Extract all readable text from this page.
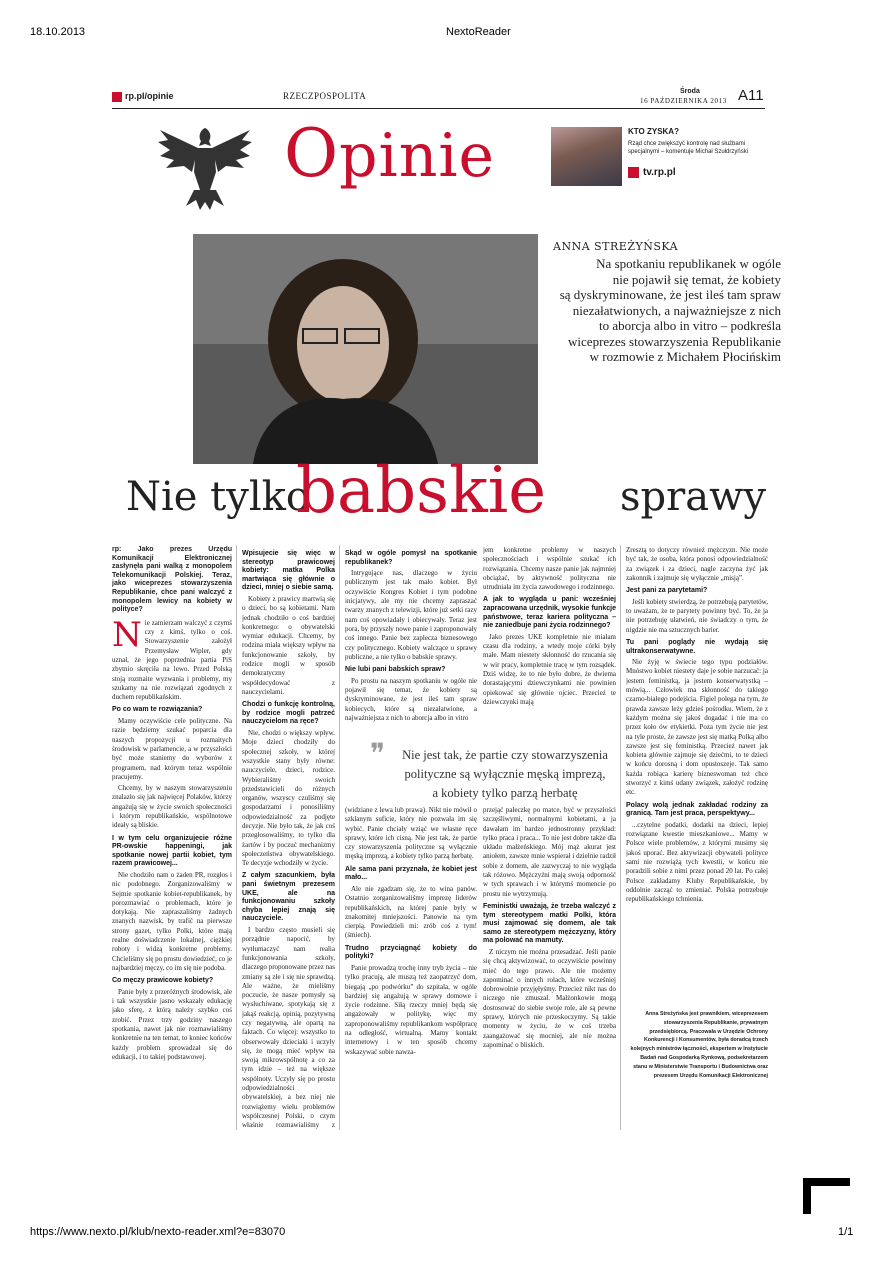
18.10.2013	NextoReader
https://www.nexto.pl/klub/nexto-reader.xml?e=83070	1/1
rp.pl/opinie	RZECZPOSPOLITA	Środa
16 PAŹDZIERNIKA 2013 A11
Opinie	KTO ZYSKA?
Rząd chce zwiększyć kontrolę nad służbami specjalnymi – komentuje Michał Szułdrzyński
tv.rp.pl
ANNA STREŻYŃSKA
Na spotkaniu republikanek w ogóle
nie pojawił się temat, że kobiety
są dyskryminowane, że jest ileś tam spraw
niezałatwionych, a najważniejsze z nich
to aborcja albo in vitro – podkreśla
wiceprezes stowarzyszenia Republikanie
w rozmowie z Michałem Płocińskim
Nie tylko
babskie sprawy

rp: Jako prezes Urzędu Komunikacji Elektronicznej zasłynęła pani walką z monopolem Telekomunikacji Polskiej. Teraz, jako wiceprezes stowarzyszenia Republikanie, chce pani walczyć z monopolem lewicy na kobiety w polityce?

Nie zamierzam walczyć z czymś czy z kimś, tylko o coś. Stowarzyszenie założył Przemysław Wipler, gdy uznał, że jego poprzednia partia PiS zbytnio skręciła na lewo. Przed Polską stoją rozmaite wyzwania i problemy, my szukamy na nie rozwiązań zgodnych z duchem republikańskim.

Po co wam te rozwiązania?

Mamy oczywiście cele polityczne. Na razie będziemy szukać poparcia dla naszych propozycji u rozmaitych środowisk w parlamencie, a w przyszłości być może staniemy do wyborów z programem, nad którym teraz wspólnie pracujemy.

Chcemy, by w naszym stowarzyszeniu znalazło się jak najwięcej Polaków, którzy angażują się w życie swoich społeczności i którym republikańskie, wspólnotowe ideały są bliskie.

I w tym celu organizujecie różne PR-owskie happeningi, jak spotkanie nowej partii kobiet, tym razem prawicowej...

Nie chodziło nam o żaden PR, rozgłos i nic podobnego. Zorganizowaliśmy w Sejmie spotkanie kobiet-republikanek, by porozmawiać o problemach, które je dotykają. Nie zapraszaliśmy żadnych znanych nazwisk, by trafić na pierwsze strony gazet, tylko Polki, które mają realne doświadczenie lokalnej, ciężkiej roboty i widzą konkretne problemy. Chcieliśmy się po prostu dowiedzieć, co je najbardziej męczy, co im się nie podoba.

Co męczy prawicowe kobiety?

Panie były z przeróżnych środowisk, ale i tak wszystkie jasno wskazały edukację jako sferę, z którą należy szybko coś zrobić. Przez trzy godziny naszego spotkania, nawet jak nie rozmawialiśmy konkretnie na ten temat, to koniec końców każdy problem sprowadzał się do edukacji, i to takiej podstawowej.

Wpisujecie się więc w stereotyp prawicowej kobiety: matka Polka martwiąca się głównie o dzieci, mniej o siebie samą.

Kobiety z prawicy martwią się o dzieci, bo są kobietami. Nam jednak chodziło o coś bardziej konkretnego: o obywatelski wymiar edukacji. Chcemy, by rodzina miała większy wpływ na funkcjonowanie szkoły, by rodzice mogli w sposób demokratyczny współdecydować z nauczycielami.

Chodzi o funkcję kontrolną, by rodzice mogli patrzeć nauczycielom na ręce?

Nie, chodzi o większy wpływ. Moje dzieci chodziły do społecznej szkoły, w której wszystkie stany były równe: nauczyciele, dzieci, rodzice. Wybieraliśmy swoich przedstawicieli do różnych organów, wszyscy czuliśmy się gospodarzami i ponosiliśmy odpowiedzialność za podjęte decyzje. Nie było tak, że jak coś przegłosowaliśmy, to tylko dla żartów i by poczuć mechanizmy społeczeństwa obywatelskiego. Te decyzje wchodziły w życie.

Z całym szacunkiem, była pani świetnym prezesem UKE, ale na funkcjonowaniu szkoły chyba lepiej znają się nauczyciele.

I bardzo często musieli się porządnie napocić, by wytłumaczyć nam realia funkcjonowania szkoły, dlaczego proponowane przez nas zmiany są złe i się nie sprawdzą. Ale ważne, że mieliśmy poczucie, że nasze pomysły są wysłuchiwane, spotykają się z jakąś reakcją, opinią, pozytywną czy negatywną, ale opartą na faktach. Co więcej: wszystko to obserwowały dzieciaki i uczyły się, że mogą mieć wpływ na swoją mikrowspólnotę a co za tym idzie – też na większe wspólnoty. Uczyły się po prostu odpowiedzialności obywatelskiej, a bez niej nie rozwiążemy wielu problemów współczesnej Polski, o czym właśnie rozmawialiśmy z

Skąd w ogóle pomysł na spotkanie republikanek?

Intrygujące nas, dlaczego w życiu publicznym jest tak mało kobiet. Był oczywiście Kongres Kobiet i tym podobne inicjatywy, ale my nie chcemy zapraszać twarzy znanych z telewizji, które już setki razy nam coś opowiadały i obiecywały. Teraz jest pora, by przyszły nowe panie i zaproponowały coś innego. Panie bez zaplecza biznesowego czy politycznego. Kobiety walczące o sprawy publiczne, a nie tylko o babskie sprawy.

Nie lubi pani babskich spraw?

Po prostu na naszym spotkaniu w ogóle nie pojawił się temat, że kobiety są dyskryminowane, że jest ileś tam spraw kobiecych, które są niezałatwione, a najważniejsza z nich to aborcja albo in vitro

jem konkretne problemy w naszych społecznościach i wspólnie szukać ich rozwiązania. Chcemy nasze panie jak najmniej obciążać, by aktywność polityczna nie utrudniała im życia zawodowego i rodzinnego.

A jak to wygląda u pani: wcześniej zapracowana urzędnik, wysokie funkcje państwowe, teraz kariera polityczna – nie zaniedbuje pani życia rodzinnego?

Jako prezes UKE kompletnie nie miałam czasu dla rodziny, a wtedy moje córki były małe. Mam niestety skłonność do rzucania się w wir pracy, kompletnie tracę w tym rozsądek. Dziś widzę, że to nie było dobre, że dwiema dorastającymi dziewczynkami nie powinien opiekować się głównie ojciec. Przecież te dziewczynki mają

❞	Nie jest tak, że partie czy stowarzyszenia
polityczne są wyłącznie męską imprezą,
a kobiety tylko parzą herbatę

(widziane z lewa lub prawa). Nikt nie mówił o szklanym suficie, który nie pozwala im się wybić. Panie chciały wziąć we własne ręce sprawy, które ich cisną. Nie jest tak, że partie czy stowarzyszenia polityczne są wyłącznie męską imprezą, a kobiety tylko parzą herbatę.

Ale sama pani przyznała, że kobiet jest mało...

Ale nie zgadzam się, że to wina panów. Ostatnio zorganizowaliśmy imprezę liderów republikańskich, na której panie były w znakomitej mniejszości. Panowie na tym cierpią. Powiedzieli mi: zrób coś z tym! (śmiech).

Trudno przyciągnąć kobiety do polityki?

Panie prowadzą trochę inny tryb życia – nie tylko pracują, ale muszą też zaopatrzyć dom, biegają „po podwórku” do szpitala, w ogóle bardziej się angażują w sprawy domowe i życie rodzinne. Siłą rzeczy mniej będą się angażowały w politykę, więc my zaproponowaliśmy republikankom współpracę na odległość, wirtualną. Mamy kontakt internetowy i w ten sposób chcemy wskazywać sobie nawza-

przejąć pałeczkę po matce, być w przyszłości szczęśliwymi, normalnymi kobietami, a ja dawałam im bardzo jednostronny przykład: tylko praca i praca... To nie jest dobre także dla układu małżeńskiego. Mój mąż akurat jest aniołem, zawsze mnie wspierał i dzielnie radził sobie z domem, ale zazwyczaj to nie wygląda tak różowo. Mężczyźni mają swoją odporność w tych sprawach i w którymś momencie po prostu nie wytrzymują.

Feministki uważają, że trzeba walczyć z tym stereotypem matki Polki, która musi zajmować się domem, ale tak samo ze stereotypem mężczyzny, który ma polować na mamuty.

Z niczym nie można przesadzać. Jeśli panie się chcą aktywizować, to oczywiście powinny mieć do tego prawo. Ale nie możemy zapominać o innych rolach, które wcześniej dobrowolnie przyjęłyśmy. Przecież nikt nas do niczego nie zmuszał. Małżonkowie mogą dostosować do siebie swoje role, ale są pewne sprawy, których nie przeskoczymy. Są takie momenty w życiu, że w coś trzeba zaangażować się mocniej, ale nie można zapominać o bliskich.

Zresztą to dotyczy również mężczyzn. Nie może być tak, że osoba, która ponosi odpowiedzialność za związek i za dzieci, nagle zaczyna żyć jak zakonnik i zajmuje się wyłącznie „misją”.

Jest pani za parytetami?

Jeśli kobiety stwierdzą, że potrzebują parytetów, to uważam, że te parytety powinny być. To, że ja nie potrzebuję ułatwień, nie świadczy o tym, że nigdzie nie ma sztucznych barier.

Tu pani poglądy nie wydają się ultrakonserwatywne.

Nie żyję w świecie tego typu podziałów. Mnóstwo kobiet niestety daje je sobie narzucać: ja jestem feministką, ja jestem konserwatystką – mówią... Człowiek ma skłonność do takiego czarno-białego podejścia. Figiel polega na tym, że prawda zawsze leży gdzieś pośrodku. Wiem, że z każdym można się jakoś dogadać i nie ma co przez koło ów etykietki. Poza tym życie nie jest na tyle proste, że zawsze jest się matką Polką albo zawsze jest się feministką. Przecież nawet jak kobieta głównie zajmuje się dziećmi, to te dzieci w końcu dorosną i dom opustoszeje. Tak samo każda robiąca karierę bizneswoman też chce stworzyć z kimś udany związek, założyć rodzinę etc.

Polacy wolą jednak zakładać rodziny za granicą. Tam jest praca, perspektywy...

...czytelne podatki, dodatki na dzieci, lepiej rozwiązane kwestie mieszkaniowe... Mamy w Polsce wiele problemów, z którymi musimy się jakoś uporać. Bez aktywizacji obywateli polityce sami nie rozwiążą tych kwestii, w końcu nie poradzili sobie z nimi przez ponad 20 lat. Po całej Polsce zakładamy Kluby Republikańskie, by oddolnie zacząć to zmieniać. Polska potrzebuje republikańskiego tchnienia.

Anna Streżyńska jest prawnikiem, wiceprezesem stowarzyszenia Republikanie, prywatnym przedsiębiorcą. Pracowała w Urzędzie Ochrony Konkurencji i Konsumentów, była doradcą trzech kolejnych ministrów łączności, ekspertem w Instytucie Badań nad Gospodarką Rynkową, podsekretarzem stanu w Ministerstwie Transportu i Budownictwa oraz prezesem Urzędu Komunikacji Elektronicznej
